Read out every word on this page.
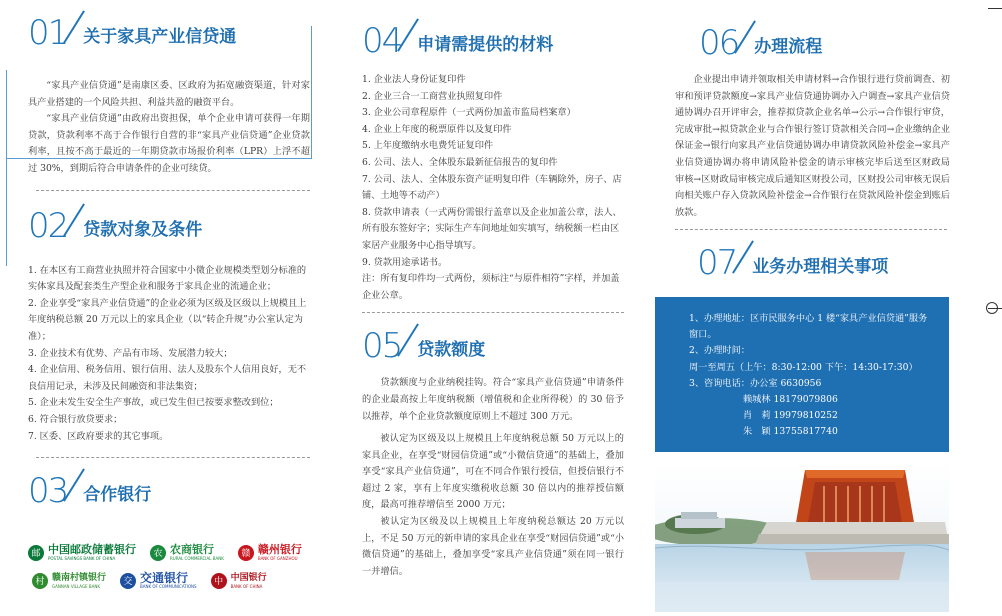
01 关于家具产业信贷通

“家具产业信贷通”是南康区委、区政府为拓宽融资渠道，针对家具产业搭建的一个风险共担、利益共盈的融资平台。

“家具产业信贷通”由政府出资担保，单个企业申请可获得一年期贷款，贷款利率不高于合作银行自营的非“家具产业信贷通”企业贷款利率，且按不高于最近的一年期贷款市场报价利率（LPR）上浮不超过 30%，到期后符合申请条件的企业可续贷。

02 贷款对象及条件

1. 在本区有工商营业执照并符合国家中小微企业规模类型划分标准的实体家具及配套类生产型企业和服务于家具企业的流通企业；

2. 企业享受“家具产业信贷通”的企业必须为区级及区级以上规模且上年度纳税总额 20 万元以上的家具企业（以“转企升规”办公室认定为准）；

3. 企业技术有优势、产品有市场、发展潜力较大；

4. 企业信用、税务信用、银行信用、法人及股东个人信用良好，无不良信用记录，未涉及民间融资和非法集资；

5. 企业未发生安全生产事故，或已发生但已按要求整改到位；

6. 符合银行放贷要求；

7. 区委、区政府要求的其它事项。

03 合作银行
邮 中国邮政储蓄银行
POSTAL SAVINGS BANK OF CHINA	农 农商银行
RURAL COMMERCIAL BANK	赣 赣州银行
BANK OF GANZHOU
村 赣南村镇银行
GANNAN VILLAGE BANK	交 交通银行
BANK OF COMMUNICATIONS	中 中国银行
BANK OF CHINA
04 申请需提供的材料

1. 企业法人身份证复印件

2. 企业三合一工商营业执照复印件

3. 企业公司章程原件（一式两份加盖市监局档案章）

4. 企业上年度的税票原件以及复印件

5. 上年度缴纳水电费凭证复印件

6. 公司、法人、全体股东最新征信报告的复印件

7. 公司、法人、全体股东资产证明复印件（车辆除外，房子、店铺、土地等不动产）

8. 贷款申请表（一式两份需银行盖章以及企业加盖公章，法人、所有股东签好字；实际生产车间地址如实填写，纳税额一栏由区家居产业服务中心指导填写。

9. 贷款用途承诺书。

注：所有复印件均一式两份，须标注“与原件相符”字样，并加盖企业公章。

05 贷款额度

贷款额度与企业纳税挂钩。符合“家具产业信贷通”申请条件的企业最高按上年度纳税额（增值税和企业所得税）的 30 倍予以推荐，单个企业贷款额度原则上不超过 300 万元。

被认定为区级及以上规模且上年度纳税总额 50 万元以上的家具企业，在享受“财园信贷通”或“小微信贷通”的基础上，叠加享受“家具产业信贷通”，可在不同合作银行授信，但授信银行不超过 2 家，享有上年度实缴税收总额 30 倍以内的推荐授信额度，最高可推荐增信至 2000 万元；

被认定为区级及以上规模且上年度纳税总额达 20 万元以上，不足 50 万元的新申请的家具企业在享受“财园信贷通”或“小微信贷通”的基础上，叠加享受“家具产业信贷通”须在同一银行一并增信。

06 办理流程

企业提出申请并领取相关申请材料→合作银行进行贷前调查、初审和预评贷款额度→家具产业信贷通协调办入户调查→家具产业信贷通协调办召开评审会，推荐拟贷款企业名单→公示→合作银行审贷，完成审批→拟贷款企业与合作银行签订贷款相关合同→企业缴纳企业保证金→银行向家具产业信贷通协调办申请贷款风险补偿金→家具产业信贷通协调办将申请风险补偿金的请示审核完毕后送至区财政局审核→区财政局审核完成后通知区财投公司，区财投公司审核无误后向相关账户存入贷款风险补偿金→合作银行在贷款风险补偿金到账后放款。

07 业务办理相关事项

1、办理地址：区市民服务中心 1 楼“家具产业信贷通”服务窗口。

2、办理时间：

周一至周五（上午：8:30-12:00 下午：14:30-17:30）

3、咨询电话：办公室 6630956

赖城林 18179079806

肖　莉 19979810252

朱　颖 13755817740
